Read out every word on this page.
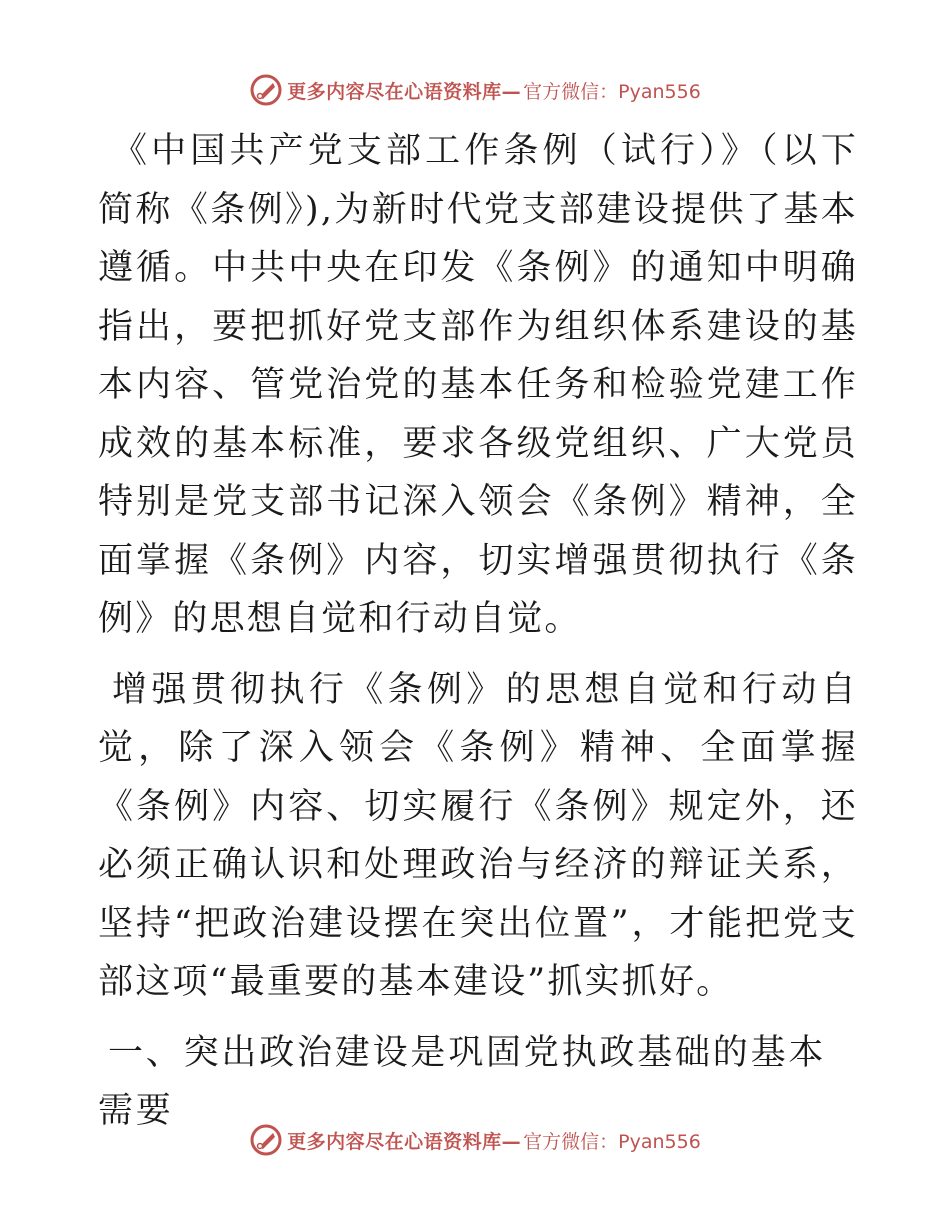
更多内容尽在心语资料库— 官方微信：Pyan556

《中国共产党支部工作条例（试行）》（以下简称《条例》),为新时代党支部建设提供了基本遵循。中共中央在印发《条例》的通知中明确指出，要把抓好党支部作为组织体系建设的基本内容、管党治党的基本任务和检验党建工作成效的基本标准，要求各级党组织、广大党员特别是党支部书记深入领会《条例》精神，全面掌握《条例》内容，切实增强贯彻执行《条例》的思想自觉和行动自觉。

增强贯彻执行《条例》的思想自觉和行动自觉，除了深入领会《条例》精神、全面掌握《条例》内容、切实履行《条例》规定外，还必须正确认识和处理政治与经济的辩证关系，坚持“把政治建设摆在突出位置”，才能把党支部这项“最重要的基本建设”抓实抓好。

一、突出政治建设是巩固党执政基础的基本需要

更多内容尽在心语资料库— 官方微信：Pyan556
